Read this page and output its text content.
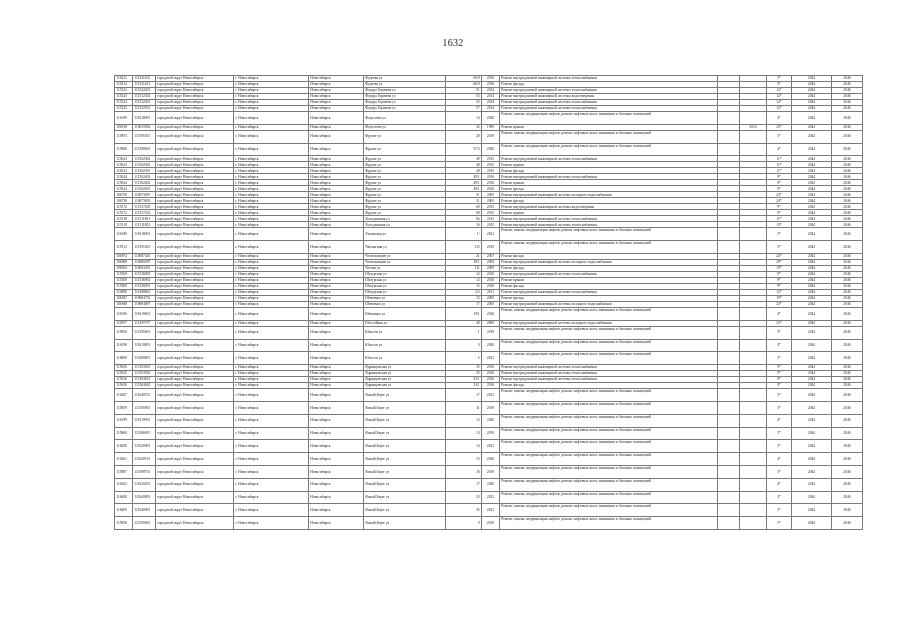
1632
115411	111541102	городской округ Новосибирск	г. Новосибирск	Новосибирск	Фадеева ул	66/9	2016	Ремонт внутридомовой инженерной системы теплоснабжения			5*	2044	2046
115414	111541431	городской округ Новосибирск	г. Новосибирск	Новосибирск	Фадеева ул	66/9	2016	Ремонт фасада			5*	2044	2046
115322	111532201	городской округ Новосибирск	г. Новосибирск	Новосибирск	Федора Горячева ул	51	2014	Ремонт внутридомовой инженерной системы теплоснабжения			12*	2044	2046
115323	111532302	городской округ Новосибирск	г. Новосибирск	Новосибирск	Федора Горячева ул	53	2014	Ремонт внутридомовой инженерной системы водоотведения			12*	2044	2046
115324	111532401	городской округ Новосибирск	г. Новосибирск	Новосибирск	Федора Горячева ул	55	2014	Ремонт внутридомовой инженерной системы теплоснабжения			12*	2044	2046
115325	111532501	городской округ Новосибирск	г. Новосибирск	Новосибирск	Федора Горячева ул	57	2014	Ремонт внутридомовой инженерной системы теплоснабжения			12*	2044	2046
116189	111618901	городской округ Новосибирск	г. Новосибирск	Новосибирск	Федосеева ул	14	2020	Ремонт, замена, модернизация лифтов, ремонт лифтовых шахт, машинных и блочных помещений			4*	2044	2046
106158	110615802	городской округ Новосибирск	г. Новосибирск	Новосибирск	Федосеева ул	32	1985	Ремонт крыши		2016	23*	2044	2046
115853	111585301	городской округ Новосибирск	г. Новосибирск	Новосибирск	Фрунзе ул	20	2019	Ремонт, замена, модернизация лифтов, ремонт лифтовых шахт, машинных и блочных помещений			5*	2044	2046
115806	111580601	городской округ Новосибирск	г. Новосибирск	Новосибирск	Фрунзе ул	57/3	2020	Ремонт, замена, модернизация лифтов, ремонт лифтовых шахт, машинных и блочных помещений			4*	2044	2046
115623	111562304	городской округ Новосибирск	г. Новосибирск	Новосибирск	Фрунзе ул	49	2015	Ремонт внутридомовой инженерной системы теплоснабжения			11*	2044	2046
115623	111562302	городской округ Новосибирск	г. Новосибирск	Новосибирск	Фрунзе ул	49	2015	Ремонт крыши			11*	2044	2046
115623	111562301	городской округ Новосибирск	г. Новосибирск	Новосибирск	Фрунзе ул	49	2015	Ремонт фасада			11*	2044	2046
115624	111562403	городской округ Новосибирск	г. Новосибирск	Новосибирск	Фрунзе ул	49/1	2016	Ремонт внутридомовой инженерной системы теплоснабжения			9*	2044	2046
115624	111562402	городской округ Новосибирск	г. Новосибирск	Новосибирск	Фрунзе ул	49/1	2016	Ремонт крыши			9*	2044	2046
115624	111562401	городской округ Новосибирск	г. Новосибирск	Новосибирск	Фрунзе ул	49/1	2016	Ремонт фасада			9*	2044	2046
106730	110673007	городской округ Новосибирск	г. Новосибирск	Новосибирск	Фрунзе ул	51	2005	Ремонт внутридомовой инженерной системы холодного водоснабжения			24*	2044	2046
106730	110673001	городской округ Новосибирск	г. Новосибирск	Новосибирск	Фрунзе ул	51	2005	Ремонт фасада			24*	2044	2046
115572	111557205	городской округ Новосибирск	г. Новосибирск	Новосибирск	Фрунзе ул	69	2015	Ремонт внутридомовой инженерной системы водоотведения			9*	2044	2046
115572	111557202	городской округ Новосибирск	г. Новосибирск	Новосибирск	Фрунзе ул	69	2015	Ремонт крыши			9*	2044	2046
115118	111511801	городской округ Новосибирск	г. Новосибирск	Новосибирск	Холодильная ул	8a	2012	Ремонт внутридомовой инженерной системы теплоснабжения			11*	2044	2046
115118	111511802	городской округ Новосибирск	г. Новосибирск	Новосибирск	Холодильная ул	16	2015	Ремонт внутридомовой инженерной системы теплоснабжения			13*	2044	2046
116180	111618001	городской округ Новосибирск	г. Новосибирск	Новосибирск	Хилокская ул	1/	2021	Ремонт, замена, модернизация лифтов, ремонт лифтовых шахт, машинных и блочных помещений			3*	2044	2046
115914	111591401	городской округ Новосибирск	г. Новосибирск	Новосибирск	Чаплыгина ул	115	2019	Ремонт, замена, модернизация лифтов, ремонт лифтовых шахт, машинных и блочных помещений			5*	2044	2046
106874	110687401	городской округ Новосибирск	г. Новосибирск	Новосибирск	Челюскинцев ул	21	2007	Ремонт фасада			24*	2044	2046
106069	110606907	городской округ Новосибирск	г. Новосибирск	Новосибирск	Челюскинцев ул	18/1	2004	Ремонт внутридомовой инженерной системы холодного водоснабжения			29*	2044	2046
106932	110693201	городской округ Новосибирск	г. Новосибирск	Новосибирск	Чехова ул	111	2009	Ремонт фасада			19*	2044	2046
115369	111536903	городской округ Новосибирск	г. Новосибирск	Новосибирск	Шатурская ул	12	2016	Ремонт внутридомовой инженерной системы теплоснабжения			9*	2044	2046
115369	111536902	городской округ Новосибирск	г. Новосибирск	Новосибирск	Шатурская ул	12	2016	Ремонт крыши			9*	2044	2046
115369	111536901	городской округ Новосибирск	г. Новосибирск	Новосибирск	Шатурская ул	12	2016	Ремонт фасада			9*	2044	2046
114988	111498801	городской округ Новосибирск	г. Новосибирск	Новосибирск	Шатурская ул	2/2	2011	Ремонт внутридомовой инженерной системы теплоснабжения			12*	2044	2046
106947	110694701	городской округ Новосибирск	г. Новосибирск	Новосибирск	Шевченко ул	15	2009	Ремонт фасада			19*	2044	2046
106948	110694807	городской округ Новосибирск	г. Новосибирск	Новосибирск	Шевченко ул	17	2005	Ремонт внутридомовой инженерной системы холодного водоснабжения			24*	2044	2046
116196	111619601	городской округ Новосибирск	г. Новосибирск	Новосибирск	Шевченко ул	19/1	2020	Ремонт, замена, модернизация лифтов, ремонт лифтовых шахт, машинных и блочных помещений			4*	2044	2046
112957	111295707	городской округ Новосибирск	г. Новосибирск	Новосибирск	Шоссейная ул	49	2000	Ремонт внутридомовой инженерной системы холодного водоснабжения			23*	2044	2046
115856	111585601	городской округ Новосибирск	г. Новосибирск	Новосибирск	Юности ул	1	2019	Ремонт, замена, модернизация лифтов, ремонт лифтовых шахт, машинных и блочных помещений			5*	2044	2046
116198	111619801	городской округ Новосибирск	г. Новосибирск	Новосибирск	Юности ул	3	2020	Ремонт, замена, модернизация лифтов, ремонт лифтовых шахт, машинных и блочных помещений			4*	2044	2046
116808	111680801	городской округ Новосибирск	г. Новосибирск	Новосибирск	Юности ул	5	2021	Ремонт, замена, модернизация лифтов, ремонт лифтовых шахт, машинных и блочных помещений			3*	2044	2046
115635	111563501	городской округ Новосибирск	г. Новосибирск	Новосибирск	Ядринцевская ул	35	2016	Ремонт внутридомовой инженерной системы теплоснабжения			9*	2044	2046
115635	111563502	городской округ Новосибирск	г. Новосибирск	Новосибирск	Ядринцевская ул	35	2016	Ремонт внутридомовой инженерной системы теплоснабжения			9*	2044	2046
115636	111563601	городской округ Новосибирск	г. Новосибирск	Новосибирск	Ядринцевская ул	33/1	2016	Ремонт внутридомовой инженерной системы теплоснабжения			9*	2044	2046
115636	111563602	городской округ Новосибирск	г. Новосибирск	Новосибирск	Ядринцевская ул	33/1	2016	Ремонт фасада			9*	2044	2046
116407	111640701	городской округ Новосибирск	г. Новосибирск	Новосибирск	Ясный Берег ул	17	2021	Ремонт, замена, модернизация лифтов, ремонт лифтовых шахт, машинных и блочных помещений			3*	2044	2046
115859	111585901	городской округ Новосибирск	г. Новосибирск	Новосибирск	Ясный Берег ул	11	2019	Ремонт, замена, модернизация лифтов, ремонт лифтовых шахт, машинных и блочных помещений			5*	2044	2046
116199	111619901	городской округ Новосибирск	г. Новосибирск	Новосибирск	Ясный Берег ул	12	2020	Ремонт, замена, модернизация лифтов, ремонт лифтовых шахт, машинных и блочных помещений			4*	2044	2046
115860	111586001	городской округ Новосибирск	г. Новосибирск	Новосибирск	Ясный Берег ул	13	2019	Ремонт, замена, модернизация лифтов, ремонт лифтовых шахт, машинных и блочных помещений			5*	2044	2046
116200	111620001	городской округ Новосибирск	г. Новосибирск	Новосибирск	Ясный Берег ул	14	2021	Ремонт, замена, модернизация лифтов, ремонт лифтовых шахт, машинных и блочных помещений			3*	2044	2046
116201	111620101	городской округ Новосибирск	г. Новосибирск	Новосибирск	Ясный Берег ул	15	2020	Ремонт, замена, модернизация лифтов, ремонт лифтовых шахт, машинных и блочных помещений			4*	2044	2046
115887	111588701	городской округ Новосибирск	г. Новосибирск	Новосибирск	Ясный Берег ул	16	2019	Ремонт, замена, модернизация лифтов, ремонт лифтовых шахт, машинных и блочных помещений			5*	2044	2046
116202	111620201	городской округ Новосибирск	г. Новосибирск	Новосибирск	Ясный Берег ул	17	2020	Ремонт, замена, модернизация лифтов, ремонт лифтовых шахт, машинных и блочных помещений			4*	2044	2046
116408	111640801	городской округ Новосибирск	г. Новосибирск	Новосибирск	Ясный Берег ул	23	2021	Ремонт, замена, модернизация лифтов, ремонт лифтовых шахт, машинных и блочных помещений			3*	2044	2046
116409	111640901	городской округ Новосибирск	г. Новосибирск	Новосибирск	Ясный Берег ул	25	2021	Ремонт, замена, модернизация лифтов, ремонт лифтовых шахт, машинных и блочных помещений			3*	2044	2046
115856	111585601	городской округ Новосибирск	г. Новосибирск	Новосибирск	Ясный Берег ул	9	2019	Ремонт, замена, модернизация лифтов, ремонт лифтовых шахт, машинных и блочных помещений			5*	2044	2046
